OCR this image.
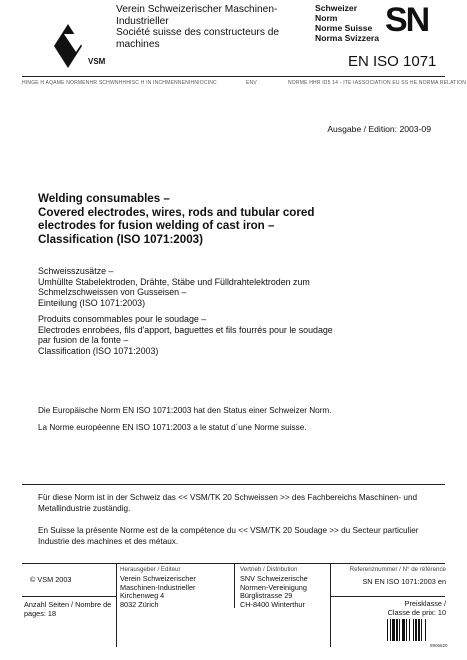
VSM
Verein Schweizerischer Maschinen-
Industrieller
Société suisse des constructeurs de
machines
Schweizer Norm
Norme Suisse
Norma Svizzera SN
EN ISO 1071
HINGE H AQAME NORMENHR SCHWNHHHISC H IN INCHMENNENIHNIOCINC	ENV	NORME HHR ID5 14 - ITE IASSOCIATION EU SS HE NORMA RELATION
Ausgabe / Edition: 2003-09
Welding consumables –
Covered electrodes, wires, rods and tubular cored
electrodes for fusion welding of cast iron –
Classification (ISO 1071:2003)
Schweisszusätze –
Umhüllte Stabelektroden, Drähte, Stäbe und Fülldrahtelektroden zum
Schmelzschweissen von Gusseisen –
Einteilung (ISO 1071:2003)
Produits consommables pour le soudage –
Electrodes enrobées, fils d'apport, baguettes et fils fourrés pour le soudage
par fusion de la fonte –
Classification (ISO 1071:2003)
Die Europäische Norm EN ISO 1071:2003 hat den Status einer Schweizer Norm.
La Norme européenne EN ISO 1071:2003 a le statut d´une Norme suisse.
Für diese Norm ist in der Schweiz das << VSM/TK 20 Schweissen >> des Fachbereichs Maschinen- und Metallindustrie zuständig.
En Suisse la présente Norme est de la compétence du << VSM/TK 20 Soudage >> du Secteur particulier Industrie des machines et des métaux.
© VSM 2003
Anzahl Seiten / Nombre de pages: 18
Herausgeber / Editeur
Verein Schweizerischer
Maschinen-Industrieller
Kirchenweg 4
8032 Zürich
Vertrieb / Distribution
SNV Schweizerische
Normen-Vereinigung
Bürglistrasse 29
CH-8400 Winterthur
Referenznummer / N° de référence
SN EN ISO 1071:2003 en
Preisklasse /
Classe de prix: 10
9906620
